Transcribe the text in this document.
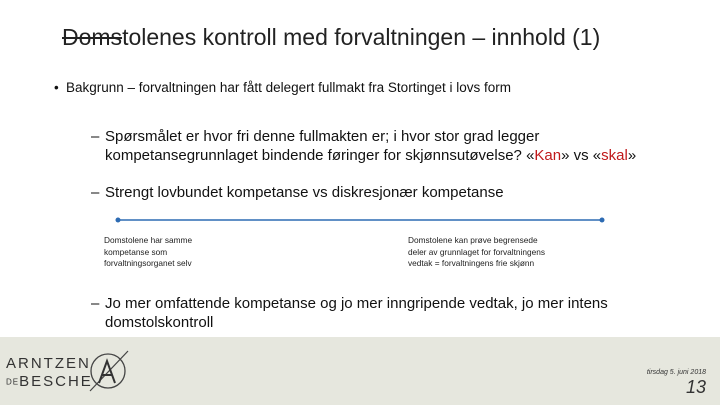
Domstolenes kontroll med forvaltningen – innhold (1)
• Bakgrunn – forvaltningen har fått delegert fullmakt fra Stortinget i lovs form
– Spørsmålet er hvor fri denne fullmakten er; i hvor stor grad legger
kompetansegrunnlaget bindende føringer for skjønnsutøvelse? «Kan» vs «skal»
– Strengt lovbundet kompetanse vs diskresjonær kompetanse
Domstolene har samme
kompetanse som
forvaltningsorganet selv
Domstolene kan prøve begrensede
deler av grunnlaget for forvaltningens
vedtak = forvaltningens frie skjønn
– Jo mer omfattende kompetanse og jo mer inngripende vedtak, jo mer intens
domstolskontroll
ARNTZEN
DEBESCHE
tirsdag 5. juni 2018
13
